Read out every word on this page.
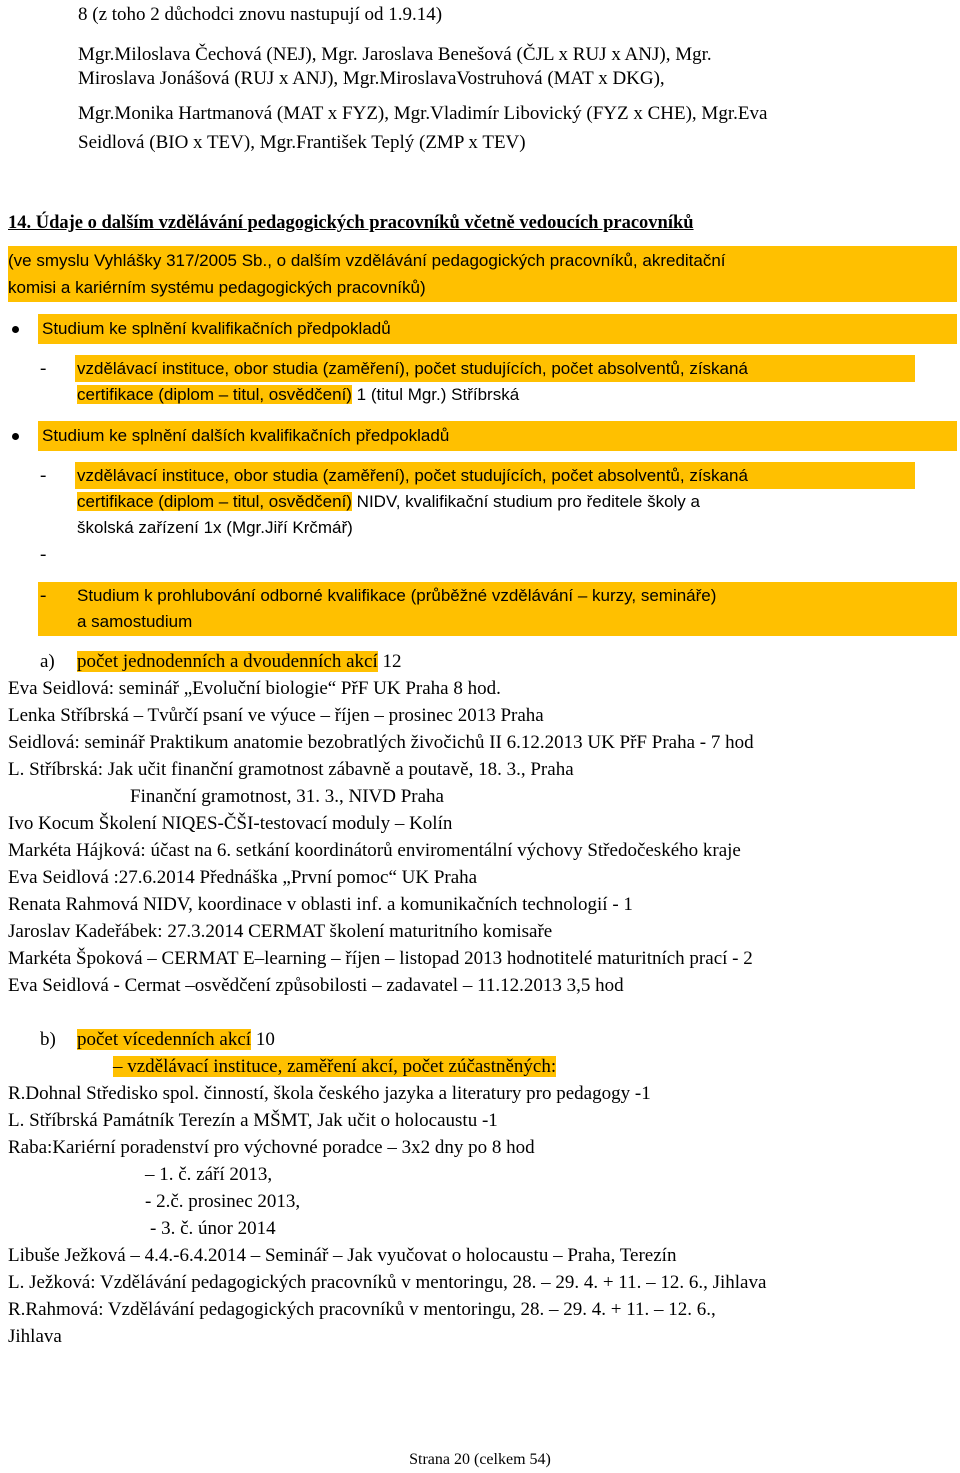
8 (z toho 2 důchodci znovu nastupují od 1.9.14)
Mgr.Miloslava Čechová (NEJ), Mgr. Jaroslava Benešová (ČJL x RUJ x ANJ), Mgr.
Miroslava Jonášová (RUJ x ANJ), Mgr.MiroslavaVostruhová (MAT x DKG),
Mgr.Monika Hartmanová (MAT x FYZ), Mgr.Vladimír Libovický (FYZ x CHE), Mgr.Eva
Seidlová (BIO x TEV), Mgr.František Teplý (ZMP x TEV)
14. Údaje o dalším vzdělávání pedagogických pracovníků včetně vedoucích pracovníků
(ve smyslu Vyhlášky 317/2005 Sb., o dalším vzdělávání pedagogických pracovníků, akreditační
komisi a kariérním systému pedagogických pracovníků)
Studium ke splnění kvalifikačních předpokladů
- vzdělávací instituce, obor studia (zaměření), počet studujících, počet absolventů, získaná
certifikace (diplom – titul, osvědčení) 1 (titul Mgr.) Stříbrská
Studium ke splnění dalších kvalifikačních předpokladů
- vzdělávací instituce, obor studia (zaměření), počet studujících, počet absolventů, získaná
certifikace (diplom – titul, osvědčení) NIDV, kvalifikační studium pro ředitele školy a
školská zařízení 1x (Mgr.Jiří Krčmář)
-
- Studium k prohlubování odborné kvalifikace (průběžné vzdělávání – kurzy, semináře)
a samostudium
a) počet jednodenních a dvoudenních akcí 12
Eva Seidlová: seminář „Evoluční biologie“ PřF UK Praha 8 hod.
Lenka Stříbrská – Tvůrčí psaní ve výuce – říjen – prosinec 2013 Praha
Seidlová: seminář Praktikum anatomie bezobratlých živočichů II 6.12.2013 UK PřF Praha - 7 hod
L. Stříbrská: Jak učit finanční gramotnost zábavně a poutavě, 18. 3., Praha
Finanční gramotnost, 31. 3., NIVD Praha
Ivo Kocum Školení NIQES-ČŠI-testovací moduly – Kolín
Markéta Hájková: účast na 6. setkání koordinátorů enviromentální výchovy Středočeského kraje
Eva Seidlová :27.6.2014 Přednáška „První pomoc“ UK Praha
Renata Rahmová NIDV, koordinace v oblasti inf. a komunikačních technologií - 1
Jaroslav Kadeřábek: 27.3.2014 CERMAT školení maturitního komisaře
Markéta Špoková – CERMAT E–learning – říjen – listopad 2013 hodnotitelé maturitních prací - 2
Eva Seidlová - Cermat –osvědčení způsobilosti – zadavatel – 11.12.2013 3,5 hod
b) počet vícedenních akcí 10
– vzdělávací instituce, zaměření akcí, počet zúčastněných:
R.Dohnal Středisko spol. činností, škola českého jazyka a literatury pro pedagogy -1
L. Stříbrská Památník Terezín a MŠMT, Jak učit o holocaustu -1
Raba:Kariérní poradenství pro výchovné poradce – 3x2 dny po 8 hod
– 1. č. září 2013,
- 2.č. prosinec 2013,
- 3. č. únor 2014
Libuše Ježková – 4.4.-6.4.2014 – Seminář – Jak vyučovat o holocaustu – Praha, Terezín
L. Ježková: Vzdělávání pedagogických pracovníků v mentoringu, 28. – 29. 4. + 11. – 12. 6., Jihlava
R.Rahmová: Vzdělávání pedagogických pracovníků v mentoringu, 28. – 29. 4. + 11. – 12. 6.,
Jihlava
Strana 20 (celkem 54)
